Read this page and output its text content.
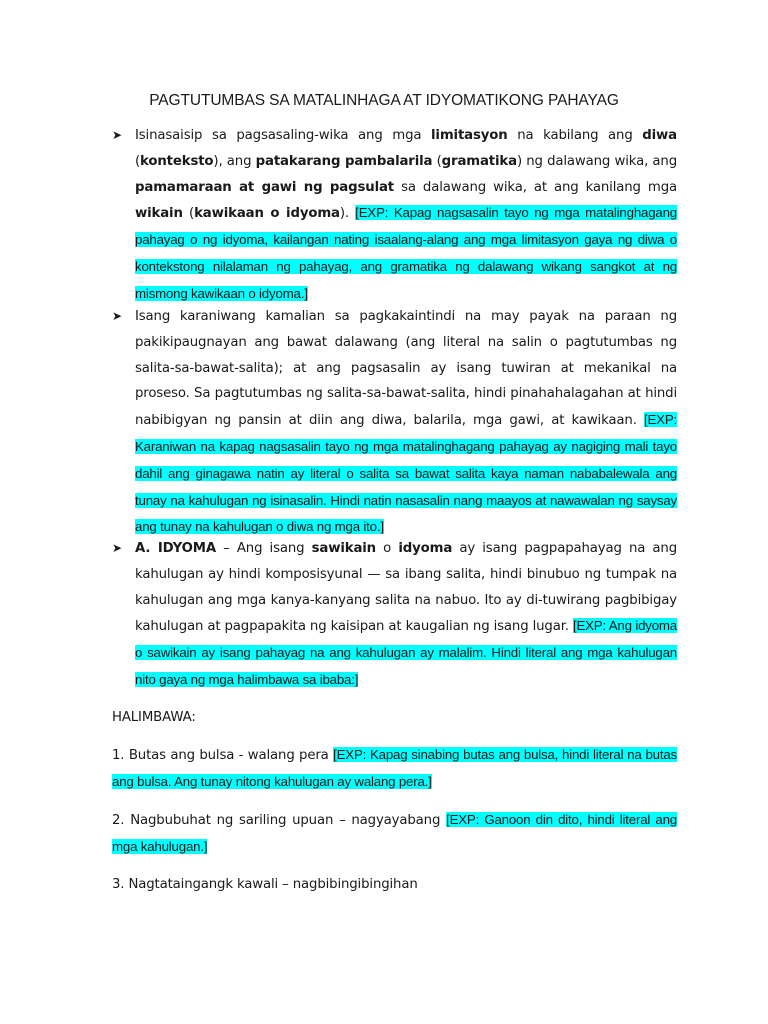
PAGTUTUMBAS SA MATALINHAGA AT IDYOMATIKONG PAHAYAG
➤ Isinasaisip sa pagsasaling-wika ang mga limitasyon na kabilang ang diwa (konteksto), ang patakarang pambalarila (gramatika) ng dalawang wika, ang pamamaraan at gawi ng pagsulat sa dalawang wika, at ang kanilang mga wikain (kawikaan o idyoma). [EXP: Kapag nagsasalin tayo ng mga matalinghagang pahayag o ng idyoma, kailangan nating isaalang-alang ang mga limitasyon gaya ng diwa o kontekstong nilalaman ng pahayag, ang gramatika ng dalawang wikang sangkot at ng mismong kawikaan o idyoma.]
➤ Isang karaniwang kamalian sa pagkakaintindi na may payak na paraan ng pakikipaugnayan ang bawat dalawang (ang literal na salin o pagtutumbas ng salita-sa-bawat-salita); at ang pagsasalin ay isang tuwiran at mekanikal na proseso. Sa pagtutumbas ng salita-sa-bawat-salita, hindi pinahahalagahan at hindi nabibigyan ng pansin at diin ang diwa, balarila, mga gawi, at kawikaan. [EXP: Karaniwan na kapag nagsasalin tayo ng mga matalinghagang pahayag ay nagiging mali tayo dahil ang ginagawa natin ay literal o salita sa bawat salita kaya naman nababalewala ang tunay na kahulugan ng isinasalin. Hindi natin nasasalin nang maayos at nawawalan ng saysay ang tunay na kahulugan o diwa ng mga ito.]
➤ A. IDYOMA – Ang isang sawikain o idyoma ay isang pagpapahayag na ang kahulugan ay hindi komposisyunal — sa ibang salita, hindi binubuo ng tumpak na kahulugan ang mga kanya-kanyang salita na nabuo. Ito ay di-tuwirang pagbibigay kahulugan at pagpapakita ng kaisipan at kaugalian ng isang lugar. [EXP: Ang idyoma o sawikain ay isang pahayag na ang kahulugan ay malalim. Hindi literal ang mga kahulugan nito gaya ng mga halimbawa sa ibaba:]
HALIMBAWA:
1. Butas ang bulsa - walang pera [EXP: Kapag sinabing butas ang bulsa, hindi literal na butas ang bulsa. Ang tunay nitong kahulugan ay walang pera.]
2. Nagbubuhat ng sariling upuan – nagyayabang [EXP: Ganoon din dito, hindi literal ang mga kahulugan.]
3. Nagtataingangk kawali – nagbibingibingihan
